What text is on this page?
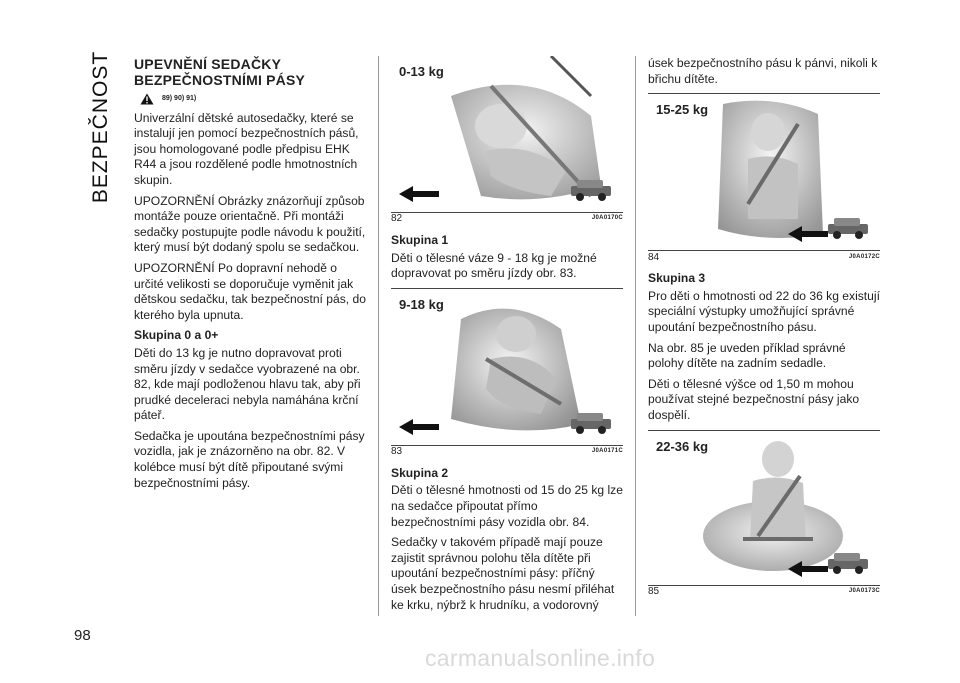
BEZPEČNOST UPEVNĚNÍ SEDAČKY
BEZPEČNOSTNÍMI PÁSY
89) 90) 91)

Univerzální dětské autosedačky, které se instalují jen pomocí bezpečnostních pásů, jsou homologované podle předpisu EHK R44 a jsou rozdělené podle hmotnostních skupin.

UPOZORNĚNÍ Obrázky znázorňují způsob montáže pouze orientačně. Při montáži sedačky postupujte podle návodu k použití, který musí být dodaný spolu se sedačkou.

UPOZORNĚNÍ Po dopravní nehodě o určité velikosti se doporučuje vyměnit jak dětskou sedačku, tak bezpečnostní pás, do kterého byla upnuta.

Skupina 0 a 0+

Děti do 13 kg je nutno dopravovat proti směru jízdy v sedačce vyobrazené na obr. 82, kde mají podloženou hlavu tak, aby při prudké deceleraci nebyla namáhána krční páteř.

Sedačka je upoutána bezpečnostními pásy vozidla, jak je znázorněno na obr. 82. V kolébce musí být dítě připoutané svými bezpečnostními pásy.

0-13 kg
82	J0A0170C
Skupina 1

Děti o tělesné váze 9 - 18 kg je možné dopravovat po směru jízdy obr. 83.

9-18 kg
83	J0A0171C
Skupina 2

Děti o tělesné hmotnosti od 15 do 25 kg lze na sedačce připoutat přímo bezpečnostními pásy vozidla obr. 84.

Sedačky v takovém případě mají pouze zajistit správnou polohu těla dítěte při upoutání bezpečnostními pásy: příčný úsek bezpečnostního pásu nesmí přiléhat ke krku, nýbrž k hrudníku, a vodorovný

úsek bezpečnostního pásu k pánvi, nikoli k břichu dítěte.

15-25 kg
84	J0A0172C
Skupina 3

Pro děti o hmotnosti od 22 do 36 kg existují speciální výstupky umožňující správné upoutání bezpečnostního pásu.

Na obr. 85 je uveden příklad správné polohy dítěte na zadním sedadle.

Děti o tělesné výšce od 1,50 m mohou používat stejné bezpečnostní pásy jako dospělí.

22-36 kg
85	J0A0173C
98
carmanualsonline.info
